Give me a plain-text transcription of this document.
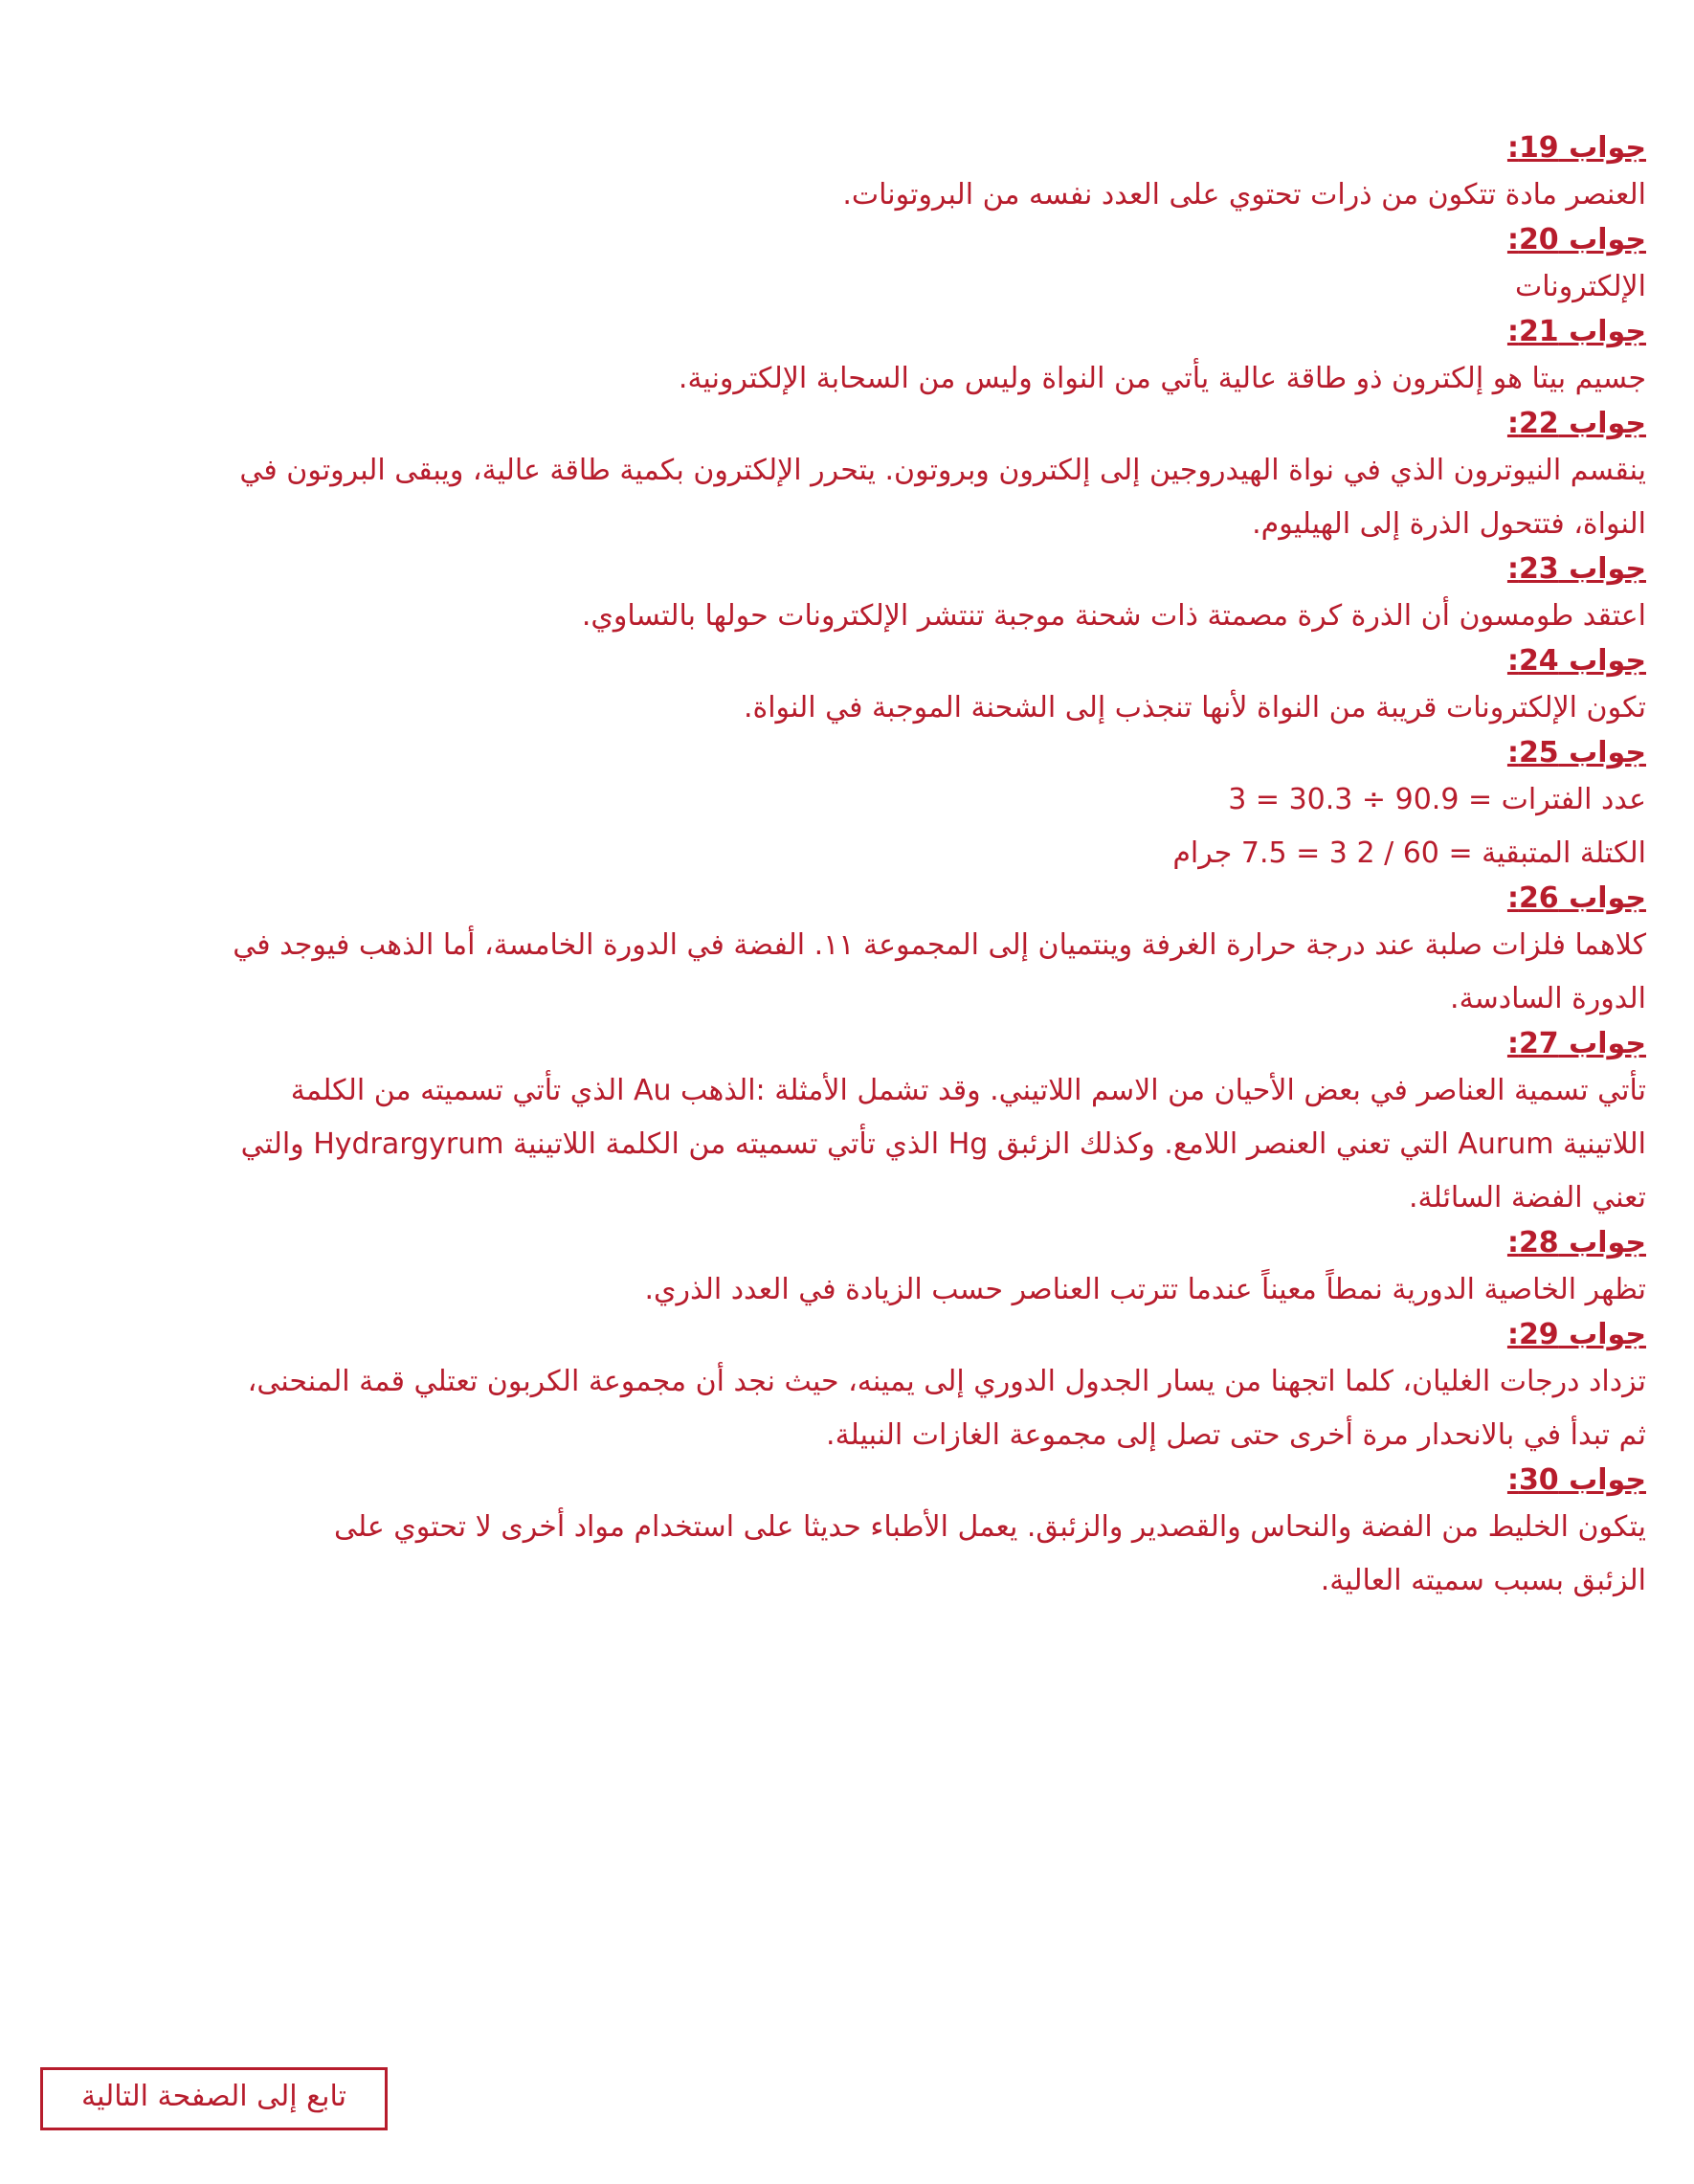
جواب 19:

العنصر مادة تتكون من ذرات تحتوي على العدد نفسه من البروتونات.

جواب 20:

الإلكترونات

جواب 21:

جسيم بيتا هو إلكترون ذو طاقة عالية يأتي من النواة وليس من السحابة الإلكترونية.

جواب 22:

ينقسم النيوترون الذي في نواة الهيدروجين إلى إلكترون وبروتون. يتحرر الإلكترون بكمية طاقة عالية، ويبقى البروتون في

النواة، فتتحول الذرة إلى الهيليوم.

جواب 23:

اعتقد طومسون أن الذرة كرة مصمتة ذات شحنة موجبة تنتشر الإلكترونات حولها بالتساوي.

جواب 24:

تكون الإلكترونات قريبة من النواة لأنها تنجذب إلى الشحنة الموجبة في النواة.

جواب 25:

عدد الفترات = 90.9 ÷ 30.3 = 3

الكتلة المتبقية = 60 / 2 3 = 7.5 جرام

جواب 26:

كلاهما فلزات صلبة عند درجة حرارة الغرفة وينتميان إلى المجموعة ١١. الفضة في الدورة الخامسة، أما الذهب فيوجد في

الدورة السادسة.

جواب 27:

تأتي تسمية العناصر في بعض الأحيان من الاسم اللاتيني. وقد تشمل الأمثلة :الذهب Au الذي تأتي تسميته من الكلمة

اللاتينية Aurum التي تعني العنصر اللامع. وكذلك الزئبق Hg الذي تأتي تسميته من الكلمة اللاتينية Hydrargyrum والتي

تعني الفضة السائلة.

جواب 28:

تظهر الخاصية الدورية نمطاً معيناً عندما تترتب العناصر حسب الزيادة في العدد الذري.

جواب 29:

تزداد درجات الغليان، كلما اتجهنا من يسار الجدول الدوري إلى يمينه، حيث نجد أن مجموعة الكربون تعتلي قمة المنحنى،

ثم تبدأ في بالانحدار مرة أخرى حتى تصل إلى مجموعة الغازات النبيلة.

جواب 30:

يتكون الخليط من الفضة والنحاس والقصدير والزئبق. يعمل الأطباء حديثا على استخدام مواد أخرى لا تحتوي على

الزئبق بسبب سميته العالية.

تابع إلى الصفحة التالية
